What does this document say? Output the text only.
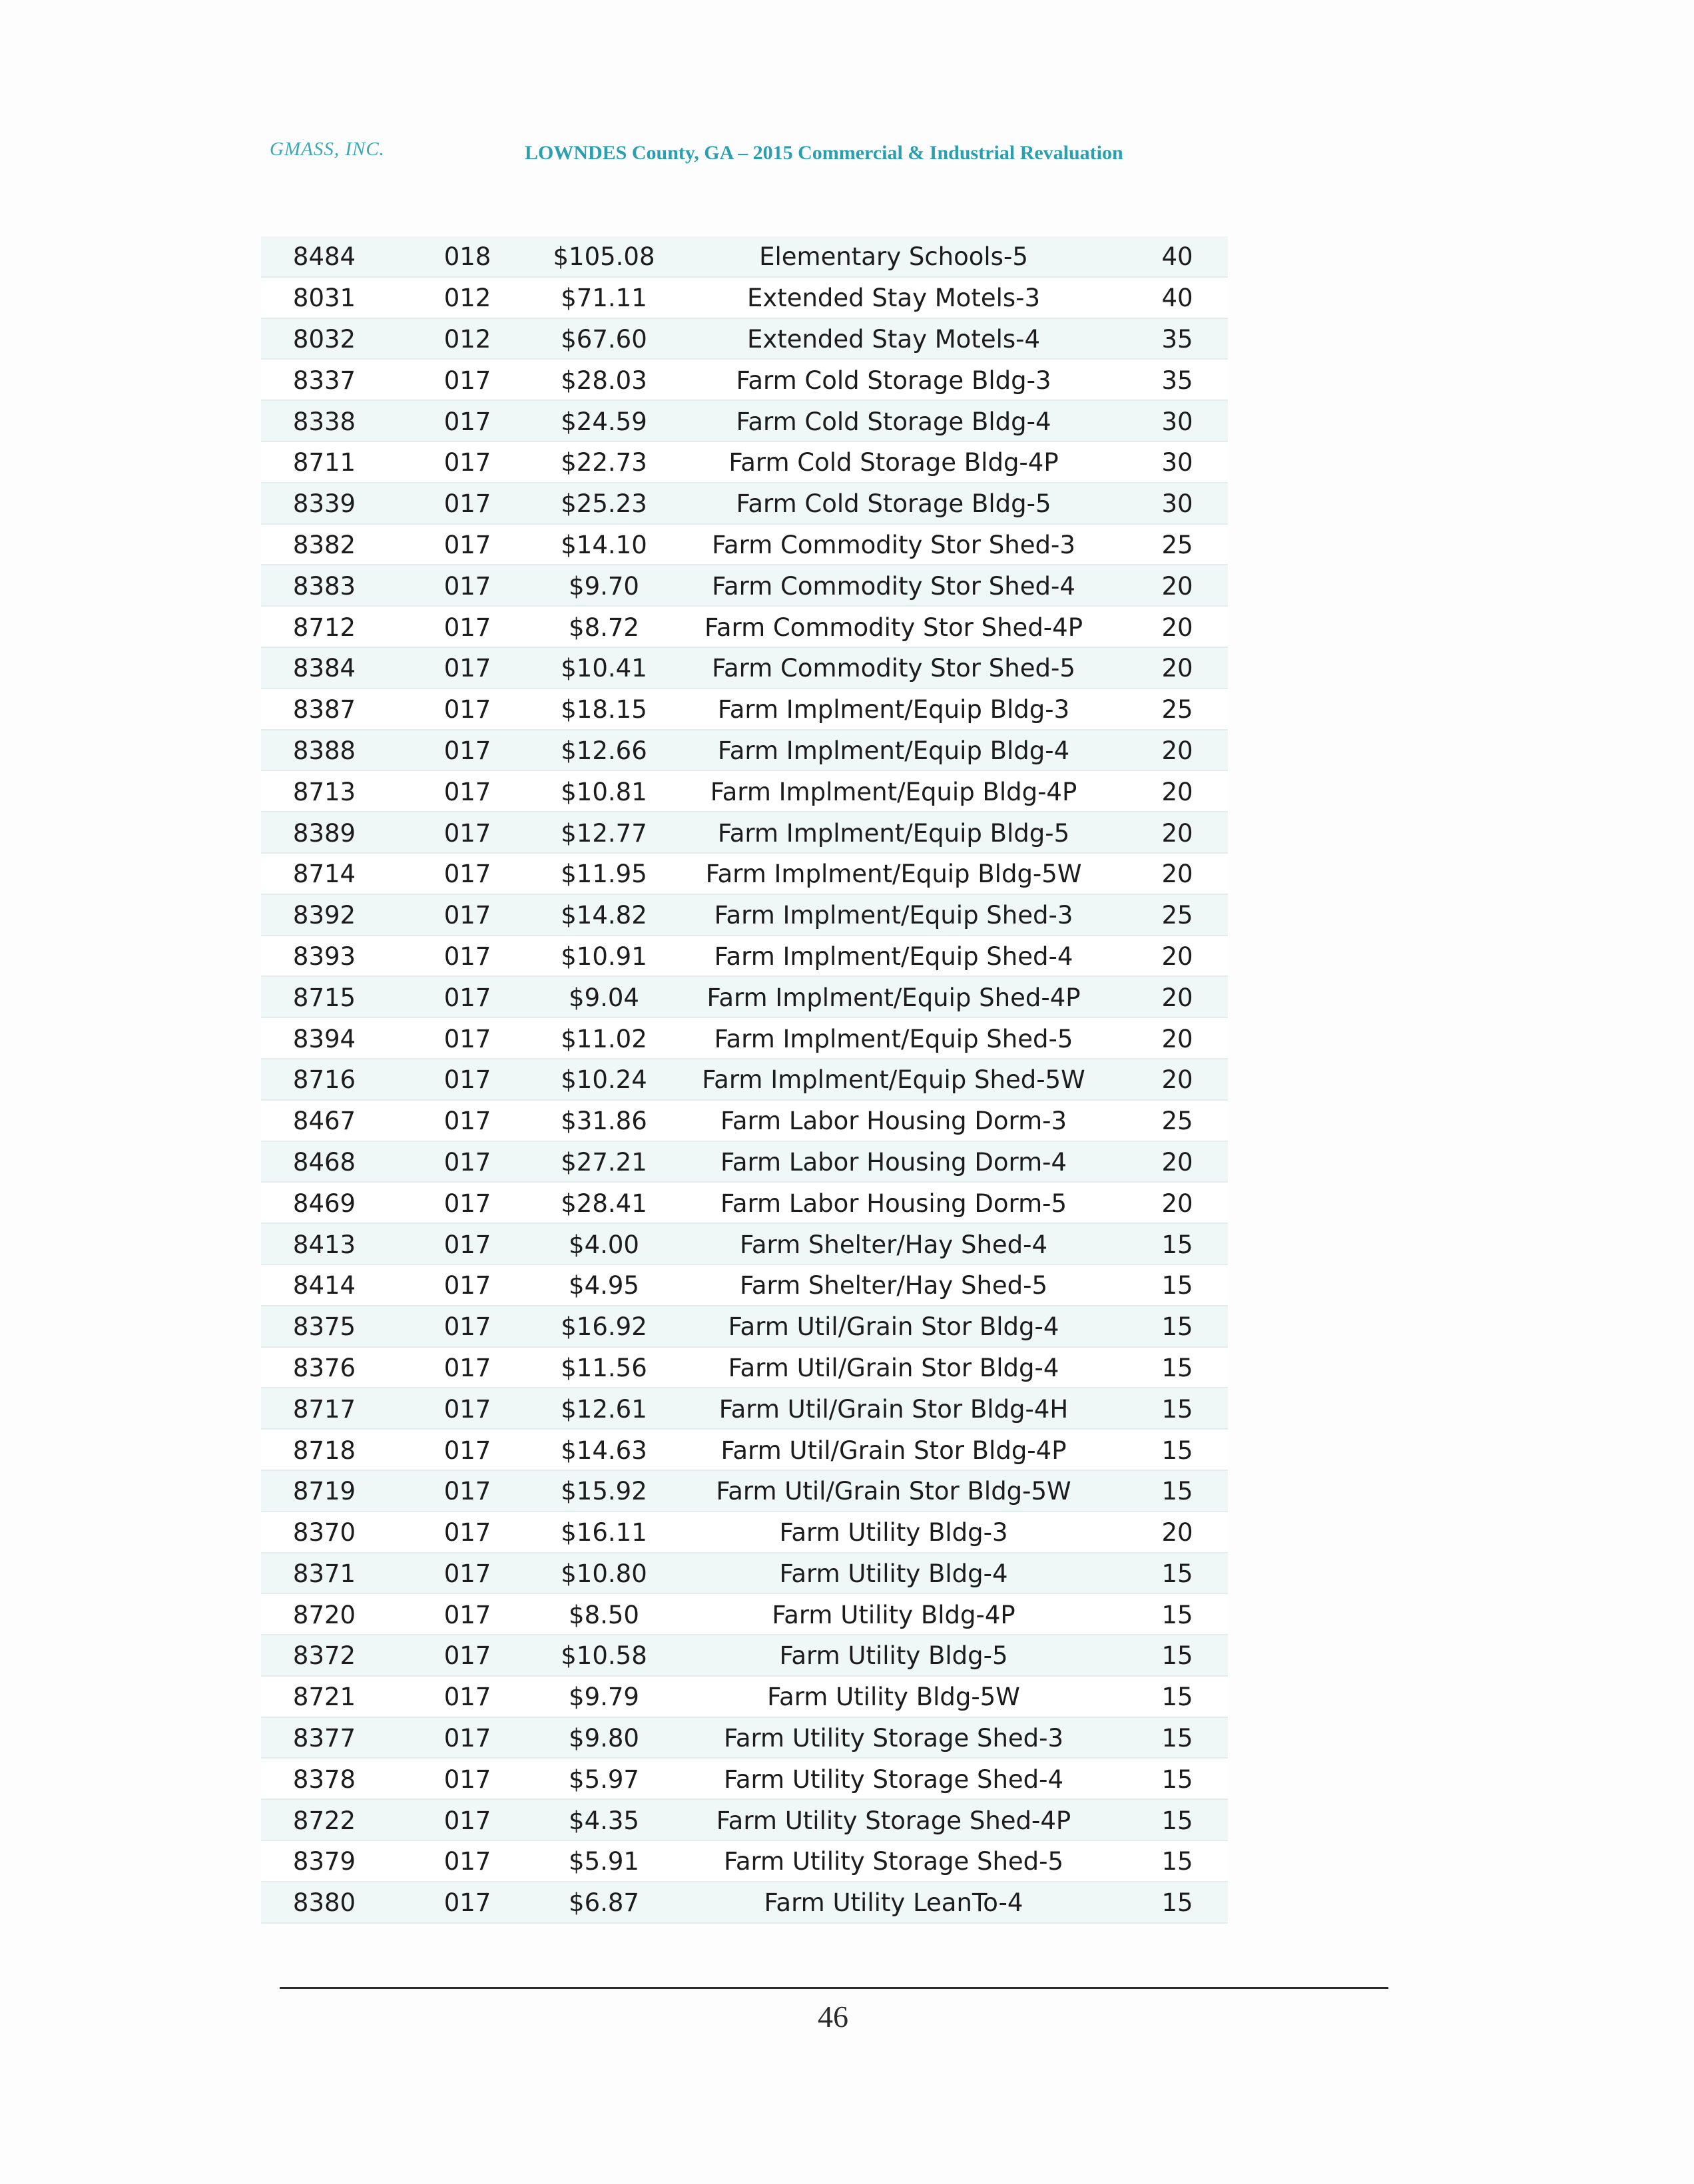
GMASS, INC.	LOWNDES County, GA – 2015 Commercial & Industrial Revaluation
8484	018	$105.08	Elementary Schools-5	40
8031	012	$71.11	Extended Stay Motels-3	40
8032	012	$67.60	Extended Stay Motels-4	35
8337	017	$28.03	Farm Cold Storage Bldg-3	35
8338	017	$24.59	Farm Cold Storage Bldg-4	30
8711	017	$22.73	Farm Cold Storage Bldg-4P	30
8339	017	$25.23	Farm Cold Storage Bldg-5	30
8382	017	$14.10	Farm Commodity Stor Shed-3	25
8383	017	$9.70	Farm Commodity Stor Shed-4	20
8712	017	$8.72	Farm Commodity Stor Shed-4P	20
8384	017	$10.41	Farm Commodity Stor Shed-5	20
8387	017	$18.15	Farm Implment/Equip Bldg-3	25
8388	017	$12.66	Farm Implment/Equip Bldg-4	20
8713	017	$10.81	Farm Implment/Equip Bldg-4P	20
8389	017	$12.77	Farm Implment/Equip Bldg-5	20
8714	017	$11.95	Farm Implment/Equip Bldg-5W	20
8392	017	$14.82	Farm Implment/Equip Shed-3	25
8393	017	$10.91	Farm Implment/Equip Shed-4	20
8715	017	$9.04	Farm Implment/Equip Shed-4P	20
8394	017	$11.02	Farm Implment/Equip Shed-5	20
8716	017	$10.24	Farm Implment/Equip Shed-5W	20
8467	017	$31.86	Farm Labor Housing Dorm-3	25
8468	017	$27.21	Farm Labor Housing Dorm-4	20
8469	017	$28.41	Farm Labor Housing Dorm-5	20
8413	017	$4.00	Farm Shelter/Hay Shed-4	15
8414	017	$4.95	Farm Shelter/Hay Shed-5	15
8375	017	$16.92	Farm Util/Grain Stor Bldg-4	15
8376	017	$11.56	Farm Util/Grain Stor Bldg-4	15
8717	017	$12.61	Farm Util/Grain Stor Bldg-4H	15
8718	017	$14.63	Farm Util/Grain Stor Bldg-4P	15
8719	017	$15.92	Farm Util/Grain Stor Bldg-5W	15
8370	017	$16.11	Farm Utility Bldg-3	20
8371	017	$10.80	Farm Utility Bldg-4	15
8720	017	$8.50	Farm Utility Bldg-4P	15
8372	017	$10.58	Farm Utility Bldg-5	15
8721	017	$9.79	Farm Utility Bldg-5W	15
8377	017	$9.80	Farm Utility Storage Shed-3	15
8378	017	$5.97	Farm Utility Storage Shed-4	15
8722	017	$4.35	Farm Utility Storage Shed-4P	15
8379	017	$5.91	Farm Utility Storage Shed-5	15
8380	017	$6.87	Farm Utility LeanTo-4	15
46
